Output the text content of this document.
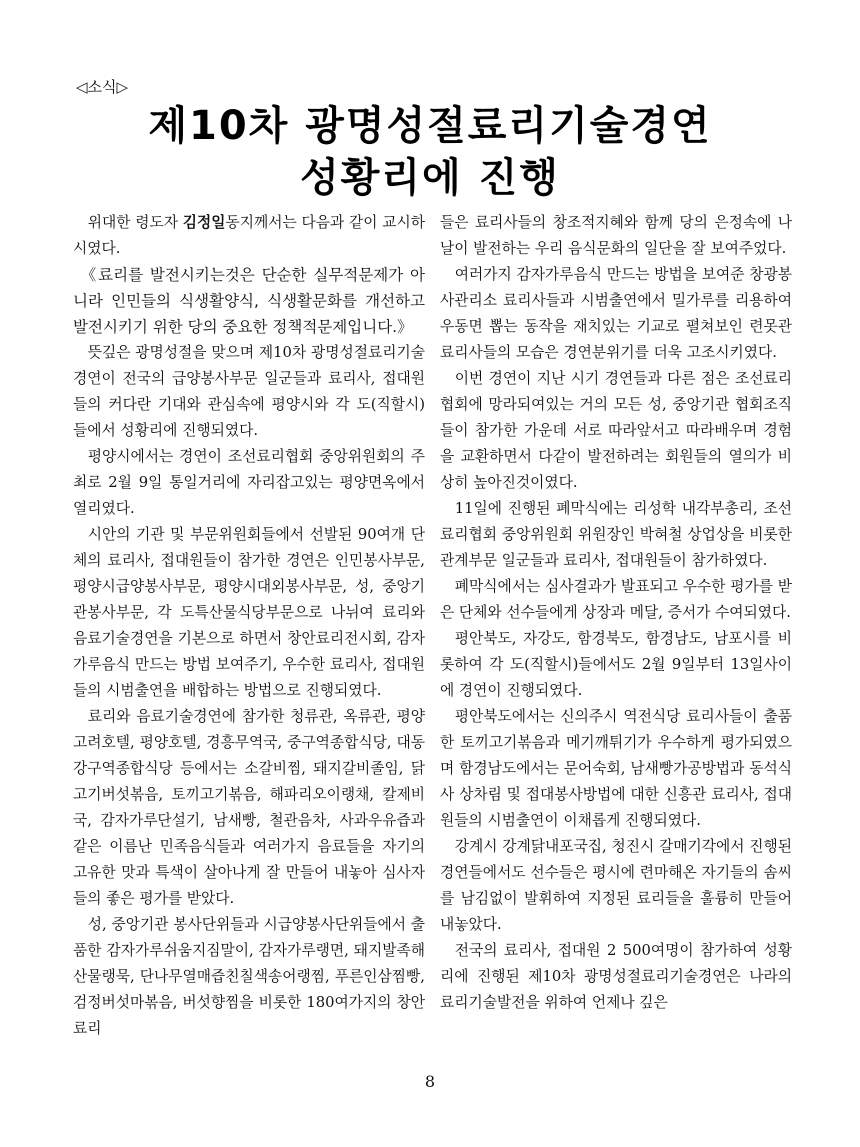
◁소식▷
제10차 광명성절료리기술경연
성황리에 진행

위대한 령도자 김정일동지께서는 다음과 같이 교시하시였다.

《료리를 발전시키는것은 단순한 실무적문제가 아니라 인민들의 식생활양식, 식생활문화를 개선하고 발전시키기 위한 당의 중요한 정책적문제입니다.》

뜻깊은 광명성절을 맞으며 제10차 광명성절료리기술경연이 전국의 급양봉사부문 일군들과 료리사, 접대원들의 커다란 기대와 관심속에 평양시와 각 도(직할시)들에서 성황리에 진행되였다.

평양시에서는 경연이 조선료리협회 중앙위원회의 주최로 2월 9일 통일거리에 자리잡고있는 평양면옥에서 열리였다.

시안의 기관 및 부문위원회들에서 선발된 90여개 단체의 료리사, 접대원들이 참가한 경연은 인민봉사부문, 평양시급양봉사부문, 평양시대외봉사부문, 성, 중앙기관봉사부문, 각 도특산물식당부문으로 나뉘여 료리와 음료기술경연을 기본으로 하면서 창안료리전시회, 감자가루음식 만드는 방법 보여주기, 우수한 료리사, 접대원들의 시범출연을 배합하는 방법으로 진행되였다.

료리와 음료기술경연에 참가한 청류관, 옥류관, 평양고려호텔, 평양호텔, 경흥무역국, 중구역종합식당, 대동강구역종합식당 등에서는 소갈비찜, 돼지갈비졸임, 닭고기버섯볶음, 토끼고기볶음, 해파리오이랭채, 칼제비국, 감자가루단설기, 남새빵, 철관음차, 사과우유즙과 같은 이름난 민족음식들과 여러가지 음료들을 자기의 고유한 맛과 특색이 살아나게 잘 만들어 내놓아 심사자들의 좋은 평가를 받았다.

성, 중앙기관 봉사단위들과 시급양봉사단위들에서 출품한 감자가루쉬움지짐말이, 감자가루랭면, 돼지발족해산물랭묵, 단나무열매즙친칠색송어랭찜, 푸른인삼찜빵, 검정버섯마볶음, 버섯향찜을 비롯한 180여가지의 창안료리

들은 료리사들의 창조적지혜와 함께 당의 은정속에 나날이 발전하는 우리 음식문화의 일단을 잘 보여주었다.

여러가지 감자가루음식 만드는 방법을 보여준 창광봉사관리소 료리사들과 시범출연에서 밀가루를 리용하여 우동면 뽑는 동작을 재치있는 기교로 펼쳐보인 련못관 료리사들의 모습은 경연분위기를 더욱 고조시키였다.

이번 경연이 지난 시기 경연들과 다른 점은 조선료리협회에 망라되여있는 거의 모든 성, 중앙기관 협회조직들이 참가한 가운데 서로 따라앞서고 따라배우며 경험을 교환하면서 다같이 발전하려는 회원들의 열의가 비상히 높아진것이였다.

11일에 진행된 폐막식에는 리성학 내각부총리, 조선료리협회 중앙위원회 위원장인 박혀철 상업상을 비롯한 관계부문 일군들과 료리사, 접대원들이 참가하였다.

폐막식에서는 심사결과가 발표되고 우수한 평가를 받은 단체와 선수들에게 상장과 메달, 증서가 수여되였다.

평안북도, 자강도, 함경북도, 함경남도, 남포시를 비롯하여 각 도(직할시)들에서도 2월 9일부터 13일사이에 경연이 진행되였다.

평안북도에서는 신의주시 역전식당 료리사들이 출품한 토끼고기볶음과 메기깨튀기가 우수하게 평가되였으며 함경남도에서는 문어숙회, 남새빵가공방법과 동석식사 상차림 및 접대봉사방법에 대한 신흥관 료리사, 접대원들의 시범출연이 이채롭게 진행되였다.

강계시 강계닭내포국집, 청진시 갈매기각에서 진행된 경연들에서도 선수들은 평시에 련마해온 자기들의 솜씨를 남김없이 발휘하여 지정된 료리들을 훌륭히 만들어 내놓았다.

전국의 료리사, 접대원 2 500여명이 참가하여 성황리에 진행된 제10차 광명성절료리기술경연은 나라의 료리기술발전을 위하여 언제나 깊은

8
